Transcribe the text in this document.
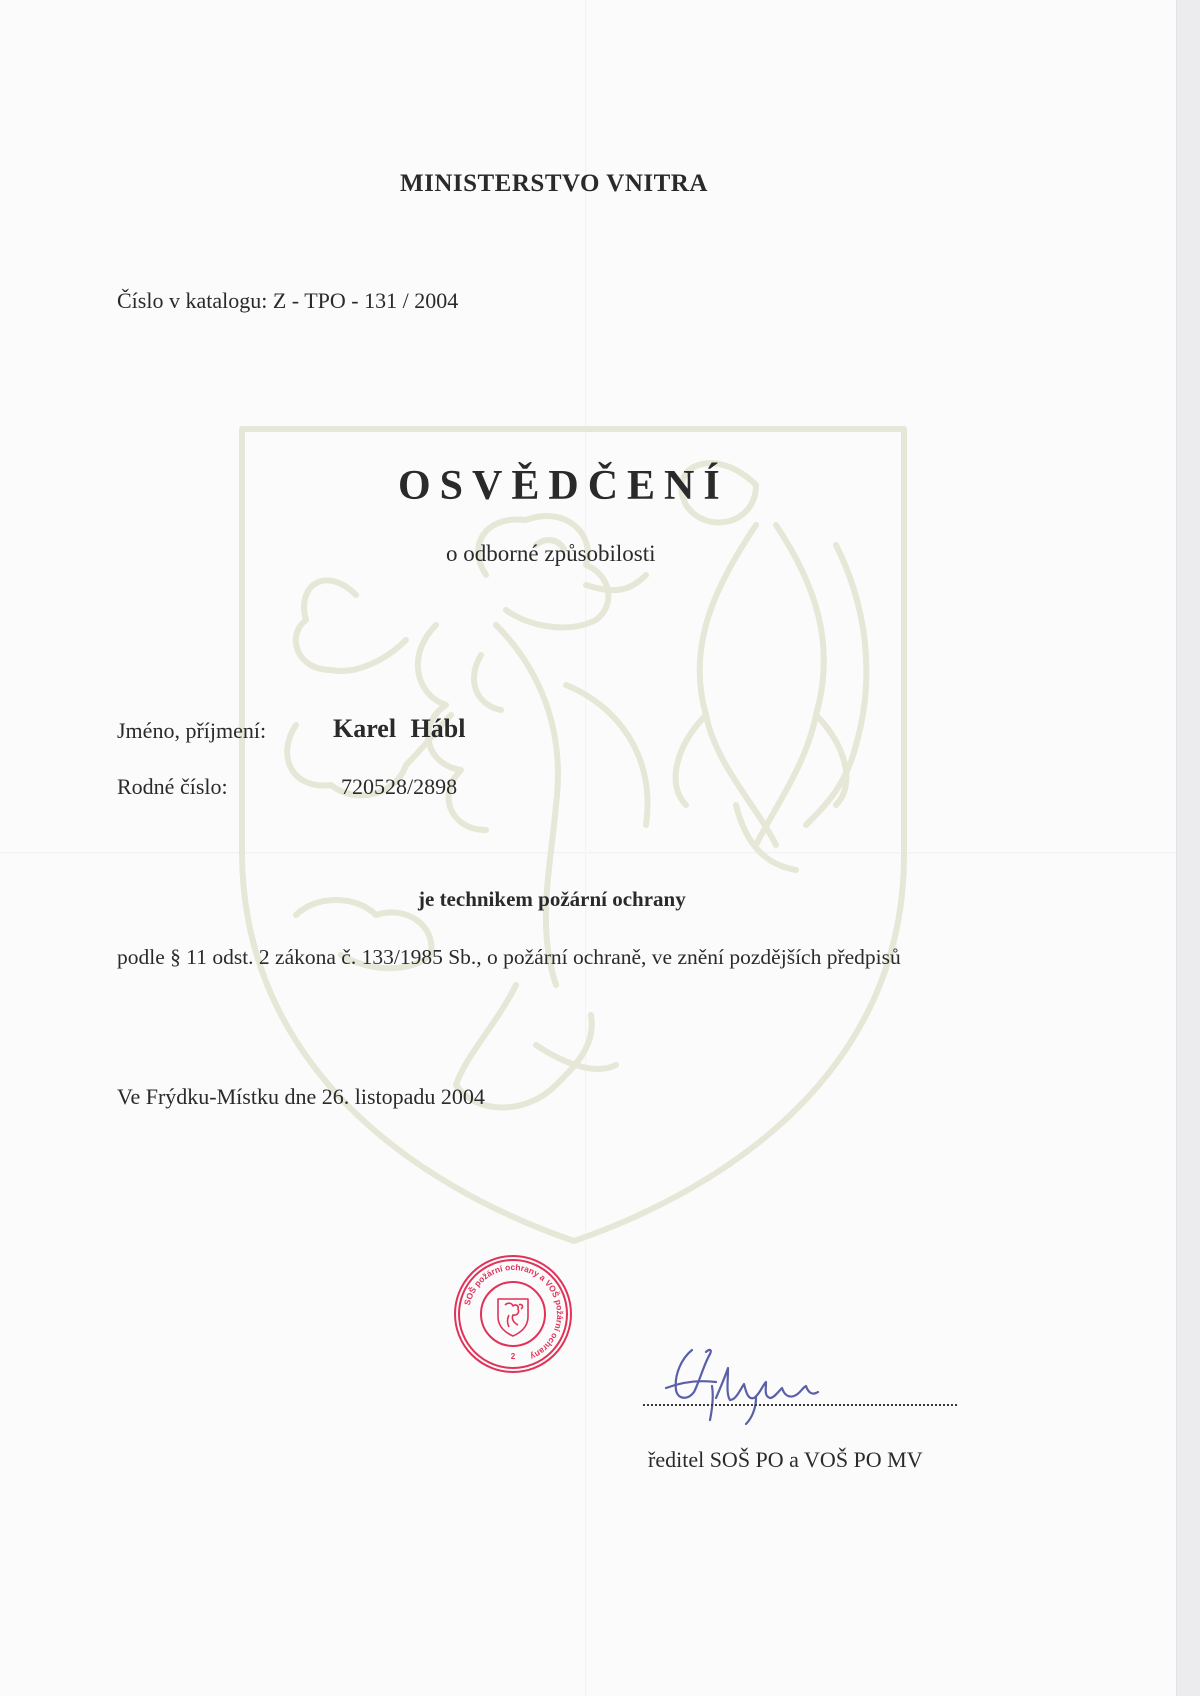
MINISTERSTVO VNITRA
Číslo v katalogu: Z - TPO - 131 / 2004
OSVĚDČENÍ
o odborné způsobilosti
Jméno, příjmení:	Karel Hábl
Rodné číslo:	720528/2898
je technikem požární ochrany
podle § 11 odst. 2 zákona č. 133/1985 Sb., o požární ochraně, ve znění pozdějších předpisů
Ve Frýdku-Místku dne 26. listopadu 2004
SOŠ požární ochrany a VOŠ požární ochrany
2
ředitel SOŠ PO a VOŠ PO MV
